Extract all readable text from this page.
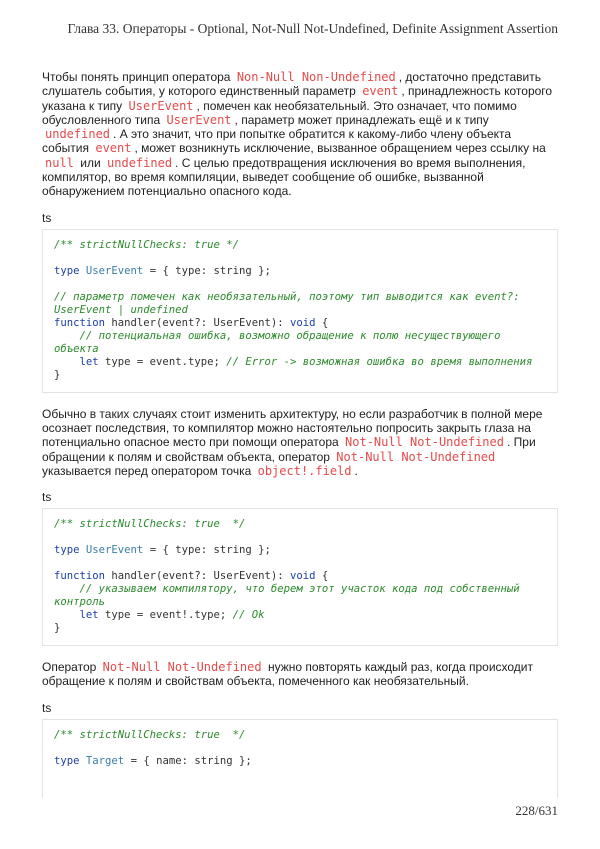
Глава 33. Операторы - Optional, Not-Null Not-Undefined, Definite Assignment Assertion

Чтобы понять принцип оператора Non-Null Non-Undefined , достаточно представить слушатель события, у которого единственный параметр event , принадлежность которого указана к типу UserEvent , помечен как необязательный. Это означает, что помимо обусловленного типа UserEvent , параметр может принадлежать ещё и к типу undefined . А это значит, что при попытке обратится к какому-либо члену объекта события event , может возникнуть исключение, вызванное обращением через ссылку на null или undefined . С целью предотвращения исключения во время выполнения, компилятор, во время компиляции, выведет сообщение об ошибке, вызванной обнаружением потенциально опасного кода.

ts
/** strictNullChecks: true */

type UserEvent = { type: string };

// параметр помечен как необязательный, поэтому тип выводится как event?: UserEvent | undefined
function handler(event?: UserEvent): void {
// потенциальная ошибка, возможно обращение к полю несуществующего объекта
let type = event.type; // Error -> возможная ошибка во время выполнения
}

Обычно в таких случаях стоит изменить архитектуру, но если разработчик в полной мере осознает последствия, то компилятор можно настоятельно попросить закрыть глаза на потенциально опасное место при помощи оператора Not-Null Not-Undefined . При обращении к полям и свойствам объекта, оператор Not-Null Not-Undefined указывается перед оператором точка object!.field .

ts
/** strictNullChecks: true  */

type UserEvent = { type: string };

function handler(event?: UserEvent): void {
// указываем компилятору, что берем этот участок кода под собственный контроль
let type = event!.type; // Ok
}

Оператор Not-Null Not-Undefined нужно повторять каждый раз, когда происходит обращение к полям и свойствам объекта, помеченного как необязательный.

ts
/** strictNullChecks: true  */

type Target = { name: string };
228/631
